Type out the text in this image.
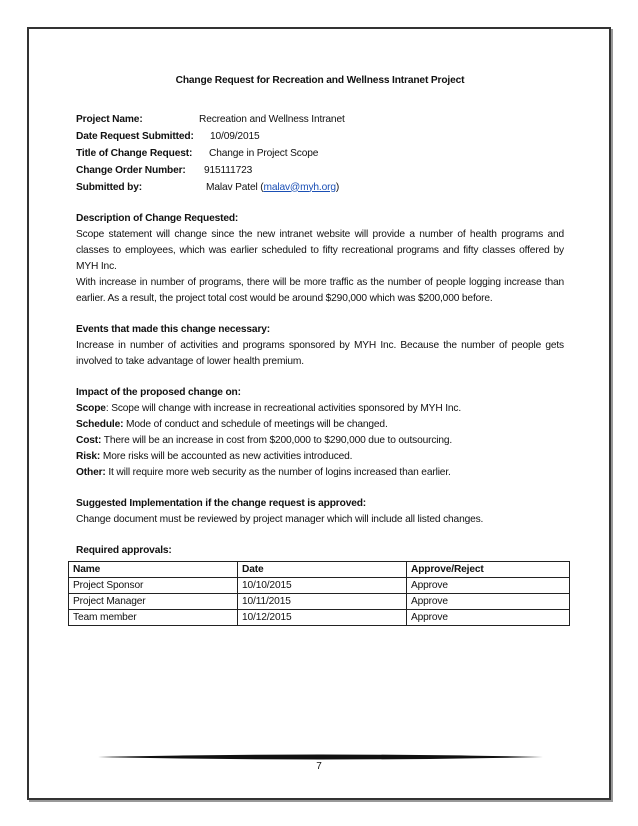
Change Request for Recreation and Wellness Intranet Project
Project Name:	Recreation and Wellness Intranet
Date Request Submitted:	10/09/2015
Title of Change Request:	Change in Project Scope
Change Order Number:	915111723
Submitted by:	Malav Patel (malav@myh.org)

Description of Change Requested:

Scope statement will change since the new intranet website will provide a number of health programs and classes to employees, which was earlier scheduled to fifty recreational programs and fifty classes offered by MYH Inc.

With increase in number of programs, there will be more traffic as the number of people logging increase than earlier. As a result, the project total cost would be around $290,000 which was $200,000 before.

Events that made this change necessary:

Increase in number of activities and programs sponsored by MYH Inc. Because the number of people gets involved to take advantage of lower health premium.

Impact of the proposed change on:

Scope: Scope will change with increase in recreational activities sponsored by MYH Inc.

Schedule: Mode of conduct and schedule of meetings will be changed.

Cost: There will be an increase in cost from $200,000 to $290,000 due to outsourcing.

Risk: More risks will be accounted as new activities introduced.

Other: It will require more web security as the number of logins increased than earlier.

Suggested Implementation if the change request is approved:

Change document must be reviewed by project manager which will include all listed changes.

Required approvals:

Name	Date	Approve/Reject
Project Sponsor	10/10/2015	Approve
Project Manager	10/11/2015	Approve
Team member	10/12/2015	Approve
7
